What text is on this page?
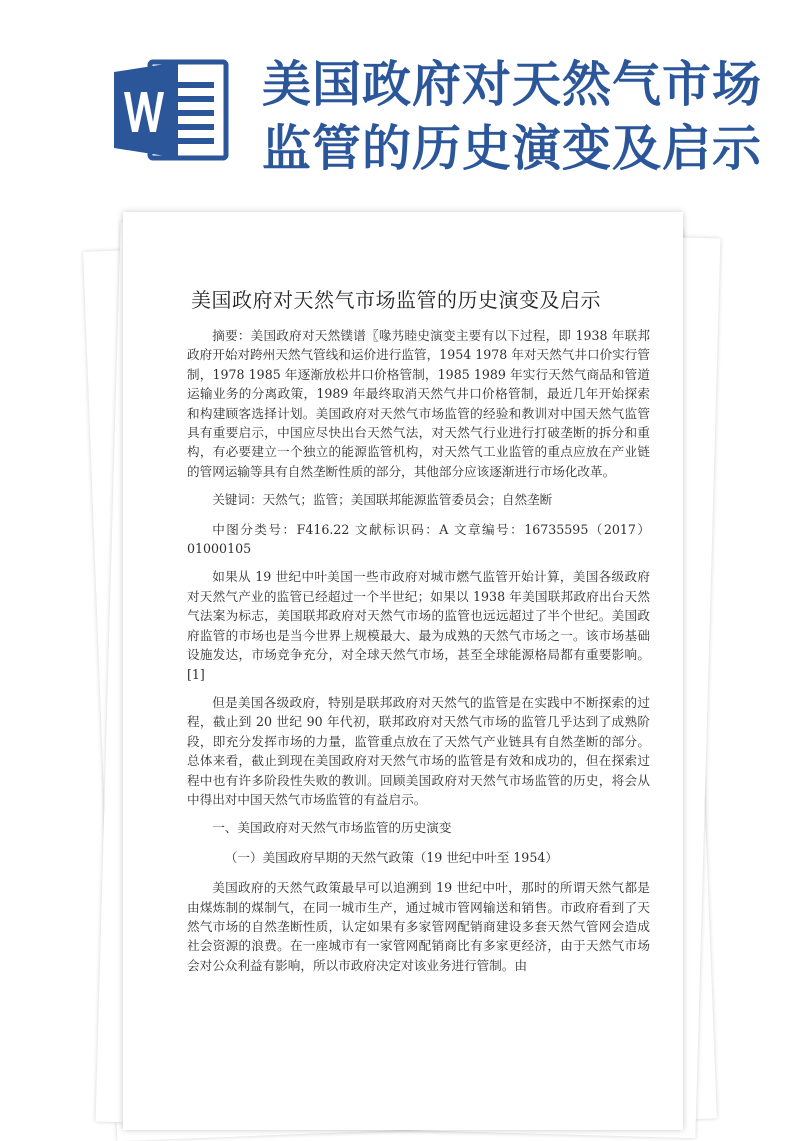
美国政府对天然气市场
监管的历史演变及启示
美国政府对天然气市场监管的历史演变及启示

摘要：美国政府对天然镤谱〖喙艿睦史演变主要有以下过程，即 1938 年联邦政府开始对跨州天然气管线和运价进行监管，1954 1978 年对天然气井口价实行管制，1978 1985 年逐渐放松井口价格管制，1985 1989 年实行天然气商品和管道运输业务的分离政策，1989 年最终取消天然气井口价格管制，最近几年开始探索和构建顾客选择计划。美国政府对天然气市场监管的经验和教训对中国天然气监管具有重要启示，中国应尽快出台天然气法，对天然气行业进行打破垄断的拆分和重构，有必要建立一个独立的能源监管机构，对天然气工业监管的重点应放在产业链的管网运输等具有自然垄断性质的部分，其他部分应该逐渐进行市场化改革。

关键词：天然气；监管；美国联邦能源监管委员会；自然垄断

中图分类号：F416.22 文献标识码：A 文章编号：16735595（2017）01000105

如果从 19 世纪中叶美国一些市政府对城市燃气监管开始计算，美国各级政府对天然气产业的监管已经超过一个半世纪；如果以 1938 年美国联邦政府出台天然气法案为标志，美国联邦政府对天然气市场的监管也远远超过了半个世纪。美国政府监管的市场也是当今世界上规模最大、最为成熟的天然气市场之一。该市场基础设施发达，市场竞争充分，对全球天然气市场，甚至全球能源格局都有重要影响。[1]

但是美国各级政府，特别是联邦政府对天然气的监管是在实践中不断探索的过程，截止到 20 世纪 90 年代初，联邦政府对天然气市场的监管几乎达到了成熟阶段，即充分发挥市场的力量，监管重点放在了天然气产业链具有自然垄断的部分。总体来看，截止到现在美国政府对天然气市场的监管是有效和成功的，但在探索过程中也有许多阶段性失败的教训。回顾美国政府对天然气市场监管的历史，将会从中得出对中国天然气市场监管的有益启示。

一、美国政府对天然气市场监管的历史演变

（一）美国政府早期的天然气政策（19 世纪中叶至 1954）

美国政府的天然气政策最早可以追溯到 19 世纪中叶，那时的所谓天然气都是由煤炼制的煤制气，在同一城市生产，通过城市管网输送和销售。市政府看到了天然气市场的自然垄断性质，认定如果有多家管网配销商建设多套天然气管网会造成社会资源的浪费。在一座城市有一家管网配销商比有多家更经济，由于天然气市场会对公众利益有影响，所以市政府决定对该业务进行管制。由
